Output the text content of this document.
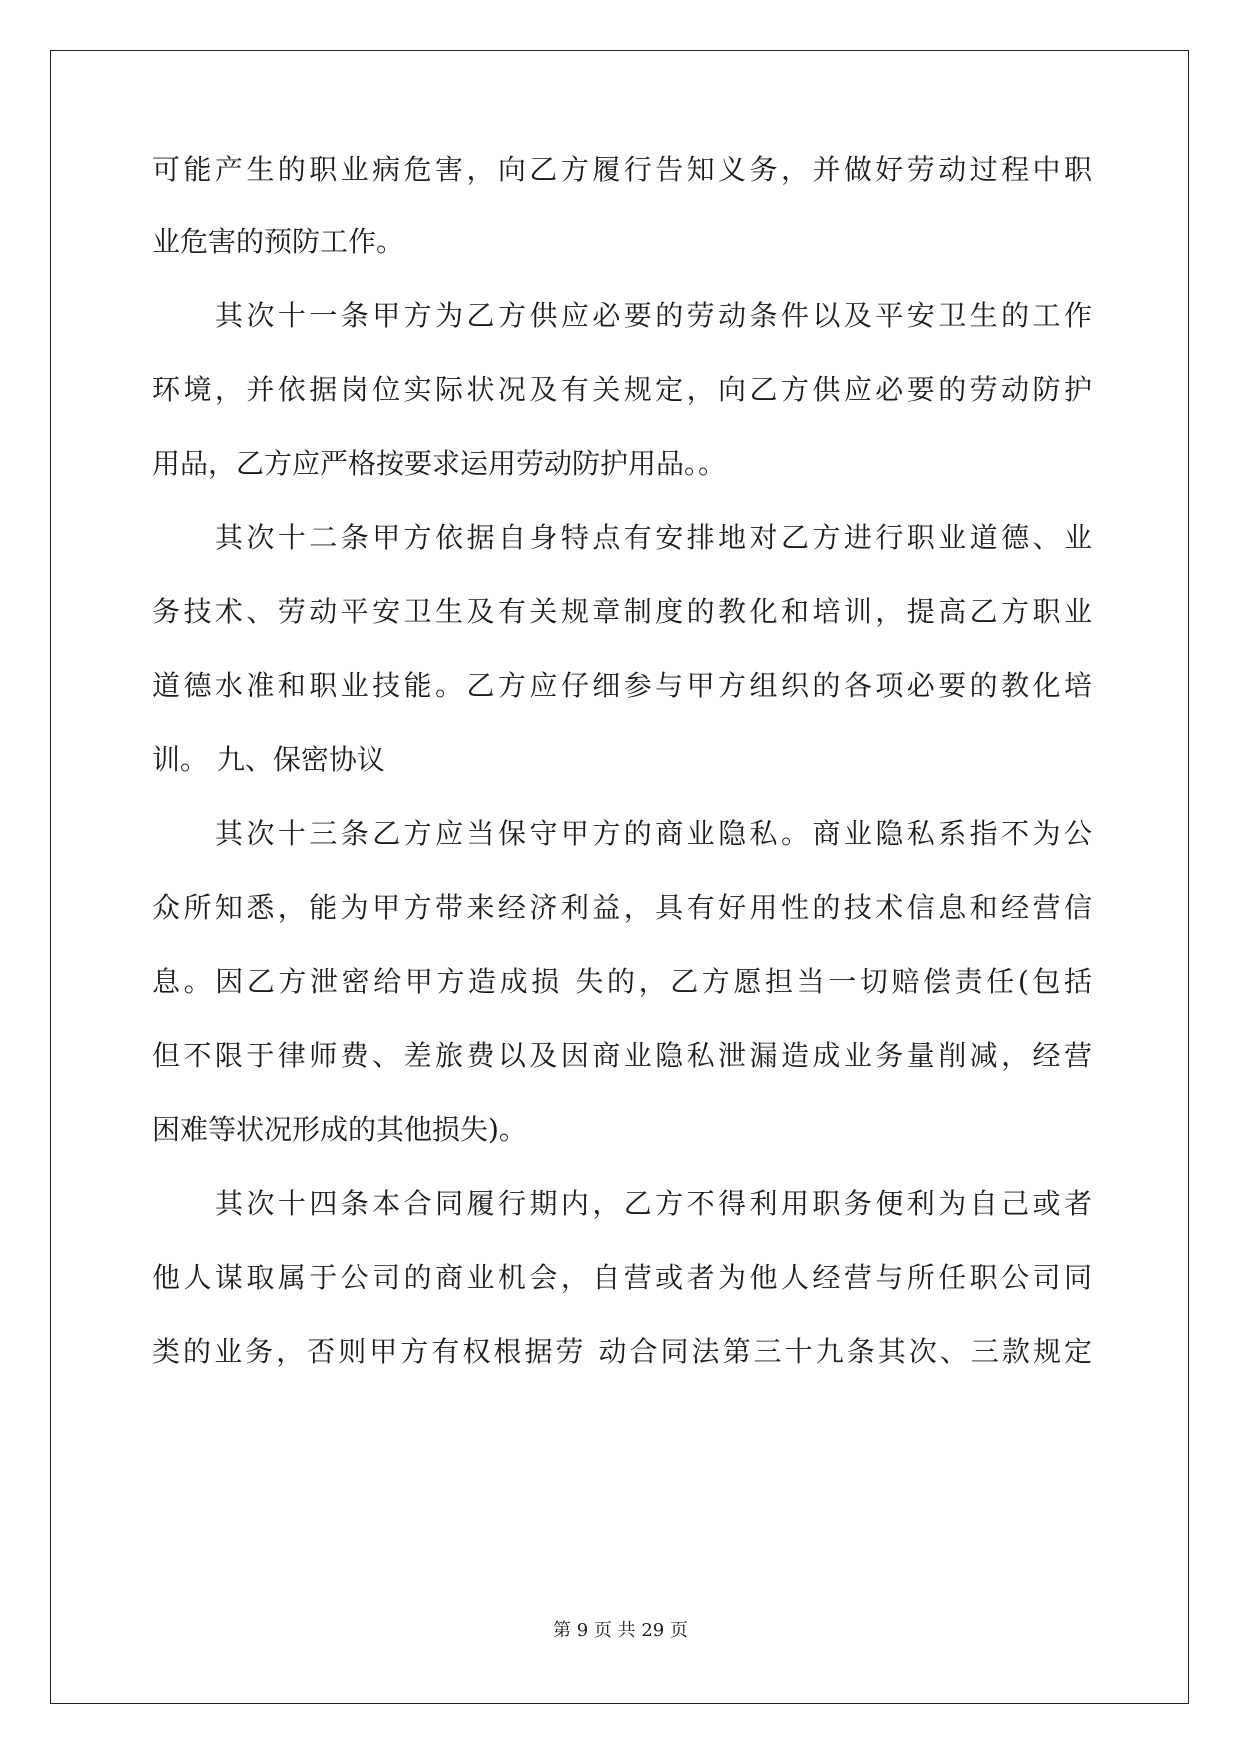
可能产生的职业病危害，向乙方履行告知义务，并做好劳动过程中职
业危害的预防工作。
其次十一条甲方为乙方供应必要的劳动条件以及平安卫生的工作
环境，并依据岗位实际状况及有关规定，向乙方供应必要的劳动防护
用品，乙方应严格按要求运用劳动防护用品。。
其次十二条甲方依据自身特点有安排地对乙方进行职业道德、业
务技术、劳动平安卫生及有关规章制度的教化和培训，提高乙方职业
道德水准和职业技能。乙方应仔细参与甲方组织的各项必要的教化培
训。 九、保密协议
其次十三条乙方应当保守甲方的商业隐私。商业隐私系指不为公
众所知悉，能为甲方带来经济利益，具有好用性的技术信息和经营信
息。因乙方泄密给甲方造成损 失的，乙方愿担当一切赔偿责任(包括
但不限于律师费、差旅费以及因商业隐私泄漏造成业务量削减，经营
困难等状况形成的其他损失)。
其次十四条本合同履行期内，乙方不得利用职务便利为自己或者
他人谋取属于公司的商业机会，自营或者为他人经营与所任职公司同
类的业务，否则甲方有权根据劳 动合同法第三十九条其次、三款规定
第 9 页 共 29 页
